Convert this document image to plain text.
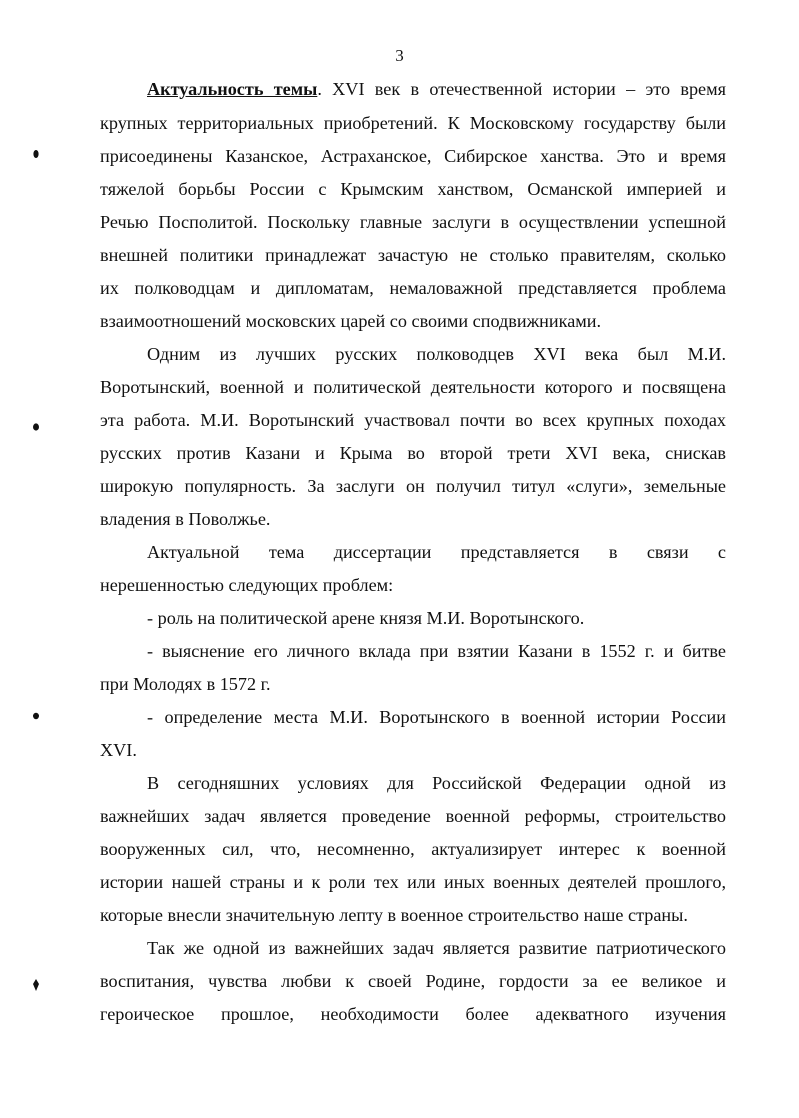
3
Актуальность темы. XVI век в отечественной истории – это время
крупных территориальных приобретений. К Московскому государству были
присоединены Казанское, Астраханское, Сибирское ханства. Это и время
тяжелой борьбы России с Крымским ханством, Османской империей и
Речью Посполитой. Поскольку главные заслуги в осуществлении успешной
внешней политики принадлежат зачастую не столько правителям, сколько
их полководцам и дипломатам, немаловажной представляется проблема
взаимоотношений московских царей со своими сподвижниками.
Одним из лучших русских полководцев XVI века был М.И.
Воротынский, военной и политической деятельности которого и посвящена
эта работа. М.И. Воротынский участвовал почти во всех крупных походах
русских против Казани и Крыма во второй трети XVI века, снискав
широкую популярность. За заслуги он получил титул «слуги», земельные
владения в Поволжье.
Актуальной тема диссертации представляется в связи с
нерешенностью следующих проблем:
- роль на политической арене князя М.И. Воротынского.
- выяснение его личного вклада при взятии Казани в 1552 г. и битве
при Молодях в 1572 г.
- определение места М.И. Воротынского в военной истории России
XVI.
В сегодняшних условиях для Российской Федерации одной из
важнейших задач является проведение военной реформы, строительство
вооруженных сил, что, несомненно, актуализирует интерес к военной
истории нашей страны и к роли тех или иных военных деятелей прошлого,
которые внесли значительную лепту в военное строительство наше страны.
Так же одной из важнейших задач является развитие патриотического
воспитания, чувства любви к своей Родине, гордости за ее великое и
героическое прошлое, необходимости более адекватного изучения
